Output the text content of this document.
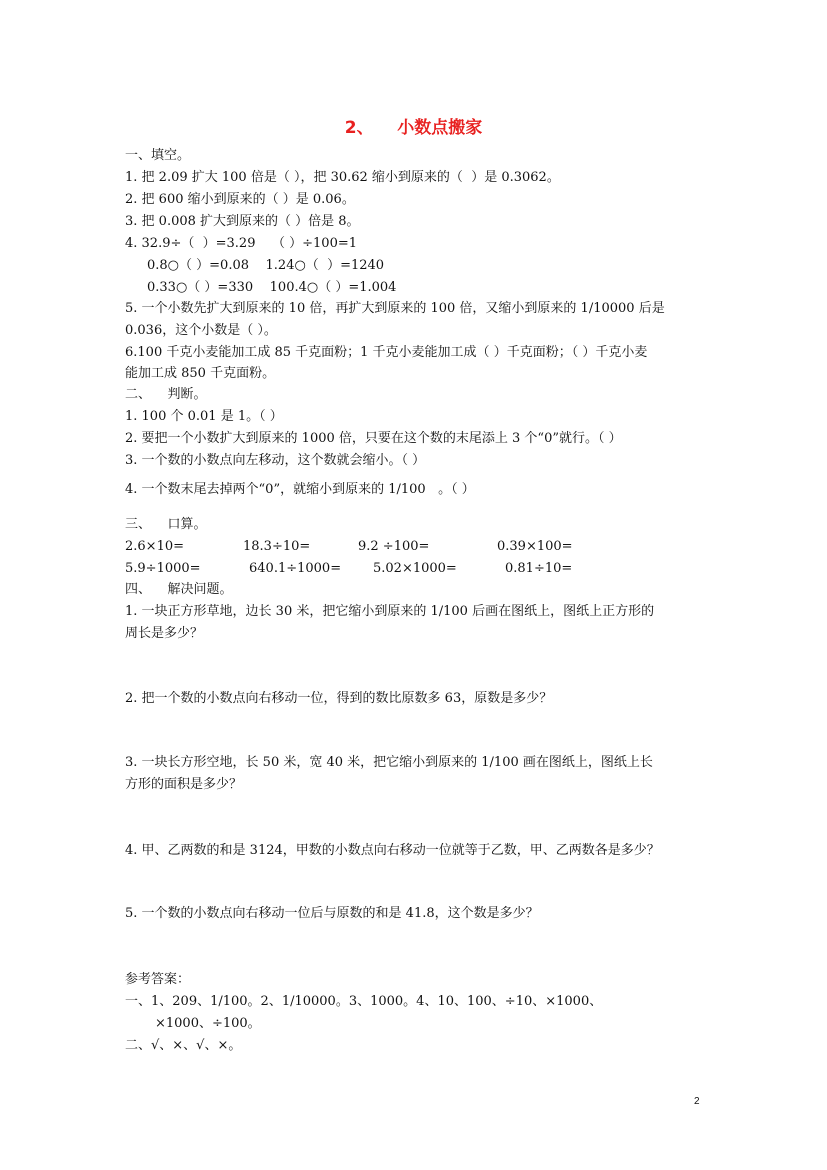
2、    小数点搬家
一、填空。
1. 把 2.09 扩大 100 倍是（ ），把 30.62 缩小到原来的（  ）是 0.3062。
2. 把 600 缩小到原来的（ ）是 0.06。
3. 把 0.008 扩大到原来的（ ）倍是 8。
4. 32.9÷（  ）=3.29    （ ）÷100=1
0.8○（ ）=0.08    1.24○（  ）=1240
0.33○（ ）=330    100.4○（ ）=1.004
5. 一个小数先扩大到原来的 10 倍，再扩大到原来的 100 倍，又缩小到原来的 1/10000 后是
0.036，这个小数是（ ）。
6.100 千克小麦能加工成 85 千克面粉；1 千克小麦能加工成（ ）千克面粉；（ ）千克小麦
能加工成 850 千克面粉。
二、    判断。
1. 100 个 0.01 是 1。（ ）
2. 要把一个小数扩大到原来的 1000 倍，只要在这个数的末尾添上 3 个“0”就行。（ ）
3. 一个数的小数点向左移动，这个数就会缩小。（ ）
4. 一个数末尾去掉两个“0”，就缩小到原来的 1/100   。（ ）
三、    口算。
2.6×10=	18.3÷10=	9.2 ÷100=	0.39×100=
5.9÷1000=	640.1÷1000= 5.02×1000=	0.81÷10=
四、    解决问题。
1. 一块正方形草地，边长 30 米，把它缩小到原来的 1/100 后画在图纸上，图纸上正方形的
周长是多少？
2. 把一个数的小数点向右移动一位，得到的数比原数多 63，原数是多少？
3. 一块长方形空地，长 50 米，宽 40 米，把它缩小到原来的 1/100 画在图纸上，图纸上长
方形的面积是多少？
4. 甲、乙两数的和是 3124，甲数的小数点向右移动一位就等于乙数，甲、乙两数各是多少？
5. 一个数的小数点向右移动一位后与原数的和是 41.8，这个数是多少？
参考答案：
一、1、209、1/100。2、1/10000。3、1000。4、10、100、÷10、×1000、
×1000、÷100。
二、√、×、√、×。
2
